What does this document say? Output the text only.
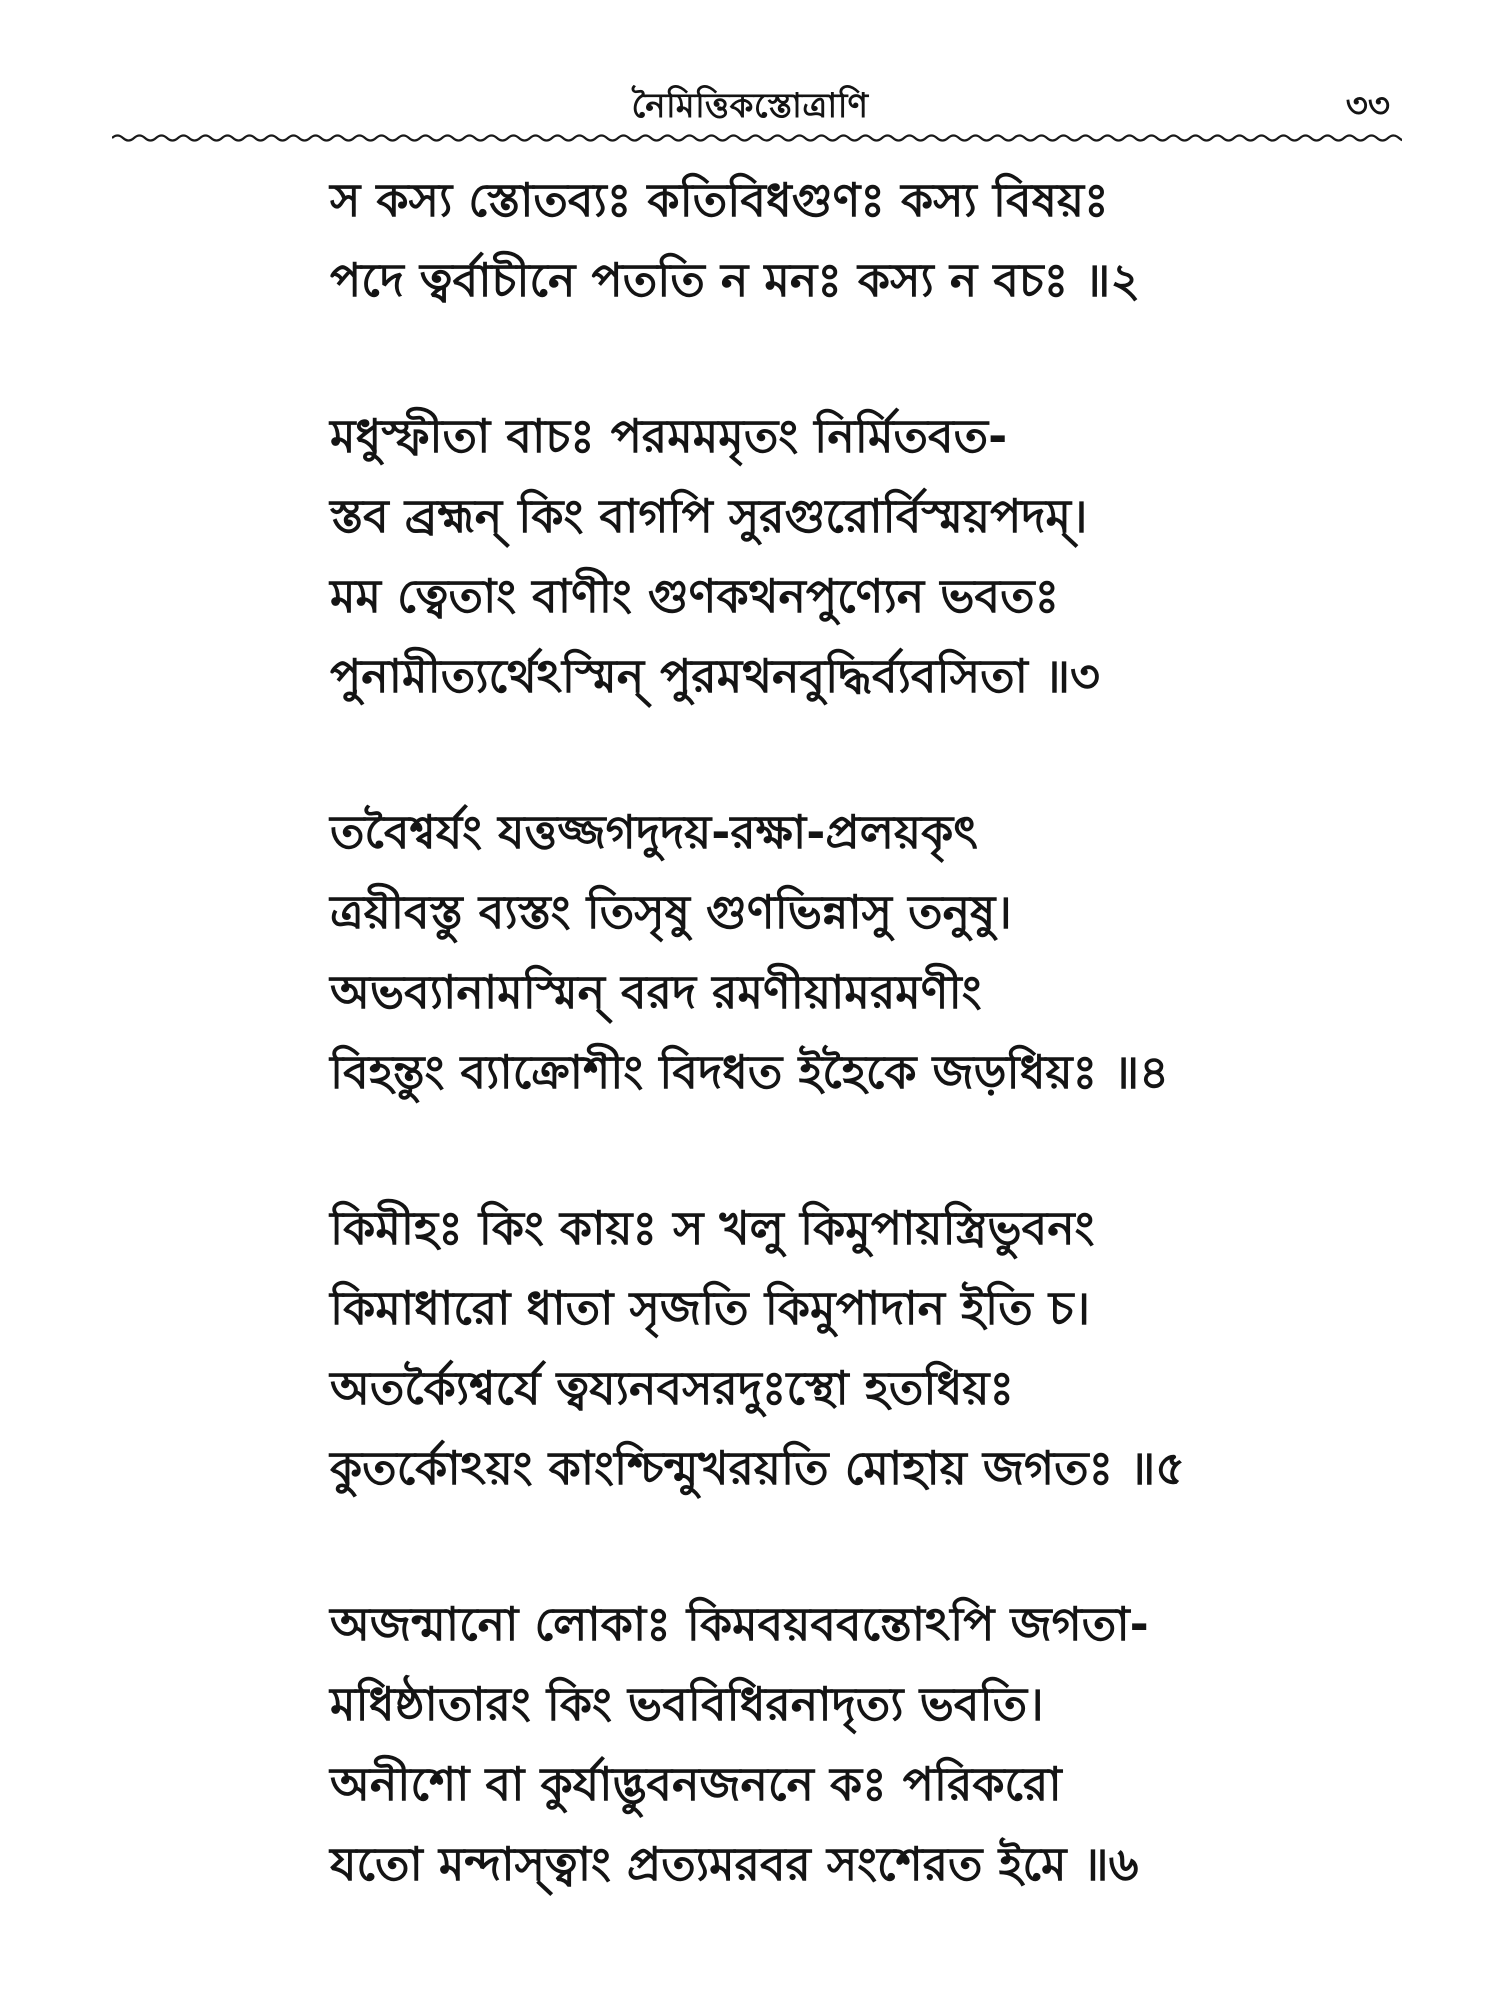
নৈমিত্তিকস্তোত্রাণি	৩৩
স কস্য স্তোতব্যঃ কতিবিধগুণঃ কস্য বিষয়ঃ
পদে ত্বর্বাচীনে পততি ন মনঃ কস্য ন বচঃ ॥২
মধুস্ফীতা বাচঃ পরমমমৃতং নির্মিতবত-
স্তব ব্রহ্মন্ কিং বাগপি সুরগুরোর্বিস্ময়পদম্।
মম ত্বেতাং বাণীং গুণকথনপুণ্যেন ভবতঃ
পুনামীত্যর্থেঽস্মিন্ পুরমথনবুদ্ধির্ব্যবসিতা ॥৩
তবৈশ্বর্যং যত্তজ্জগদুদয়-রক্ষা-প্রলয়কৃৎ
ত্রয়ীবস্তু ব্যস্তং তিসৃষু গুণভিন্নাসু তনুষু।
অভব্যানামস্মিন্ বরদ রমণীয়ামরমণীং
বিহন্তুং ব্যাক্রোশীং বিদধত ইহৈকে জড়ধিয়ঃ ॥৪
কিমীহঃ কিং কায়ঃ স খলু কিমুপায়স্ত্রিভুবনং
কিমাধারো ধাতা সৃজতি কিমুপাদান ইতি চ।
অতর্ক্যৈশ্বর্যে ত্বয্যনবসরদুঃস্থো হতধিয়ঃ
কুতর্কোঽয়ং কাংশ্চিন্মুখরয়তি মোহায় জগতঃ ॥৫
অজন্মানো লোকাঃ কিমবয়ববন্তোঽপি জগতা-
মধিষ্ঠাতারং কিং ভববিধিরনাদৃত্য ভবতি।
অনীশো বা কুর্যাদ্ভুবনজননে কঃ পরিকরো
যতো মন্দাস্ত্বাং প্রত্যমরবর সংশেরত ইমে ॥৬
